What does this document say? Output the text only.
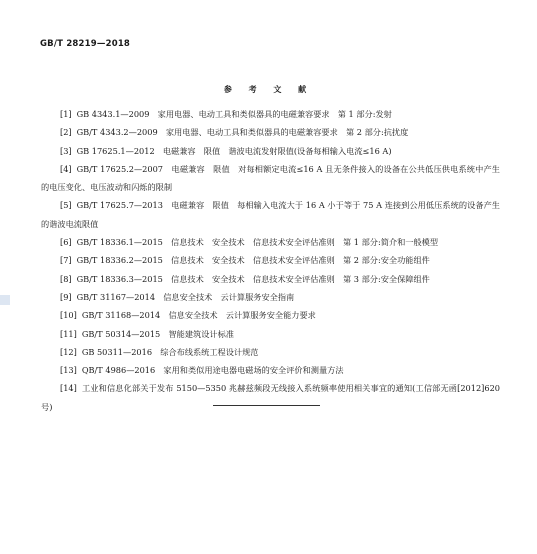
GB/T 28219—2018
参 考 文 献
[1] GB 4343.1—2009　家用电器、电动工具和类似器具的电磁兼容要求　第 1 部分:发射
[2] GB/T 4343.2—2009　家用电器、电动工具和类似器具的电磁兼容要求　第 2 部分:抗扰度
[3] GB 17625.1—2012　电磁兼容　限值　谐波电流发射限值(设备每相输入电流≤16 A)
[4] GB/T 17625.2—2007　电磁兼容　限值　对每相额定电流≤16 A 且无条件接入的设备在公共低压供电系统中产生的电压变化、电压波动和闪烁的限制
[5] GB/T 17625.7—2013　电磁兼容　限值　每相输入电流大于 16 A 小于等于 75 A 连接到公用低压系统的设备产生的谐波电流限值
[6] GB/T 18336.1—2015　信息技术　安全技术　信息技术安全评估准则　第 1 部分:简介和一般模型
[7] GB/T 18336.2—2015　信息技术　安全技术　信息技术安全评估准则　第 2 部分:安全功能组件
[8] GB/T 18336.3—2015　信息技术　安全技术　信息技术安全评估准则　第 3 部分:安全保障组件
[9] GB/T 31167—2014　信息安全技术　云计算服务安全指南
[10] GB/T 31168—2014　信息安全技术　云计算服务安全能力要求
[11] GB/T 50314—2015　智能建筑设计标准
[12] GB 50311—2016　综合布线系统工程设计规范
[13] QB/T 4986—2016　家用和类似用途电器电磁场的安全评价和测量方法
[14] 工业和信息化部关于发布 5150—5350 兆赫兹频段无线接入系统频率使用相关事宜的通知(工信部无函[2012]620 号)
